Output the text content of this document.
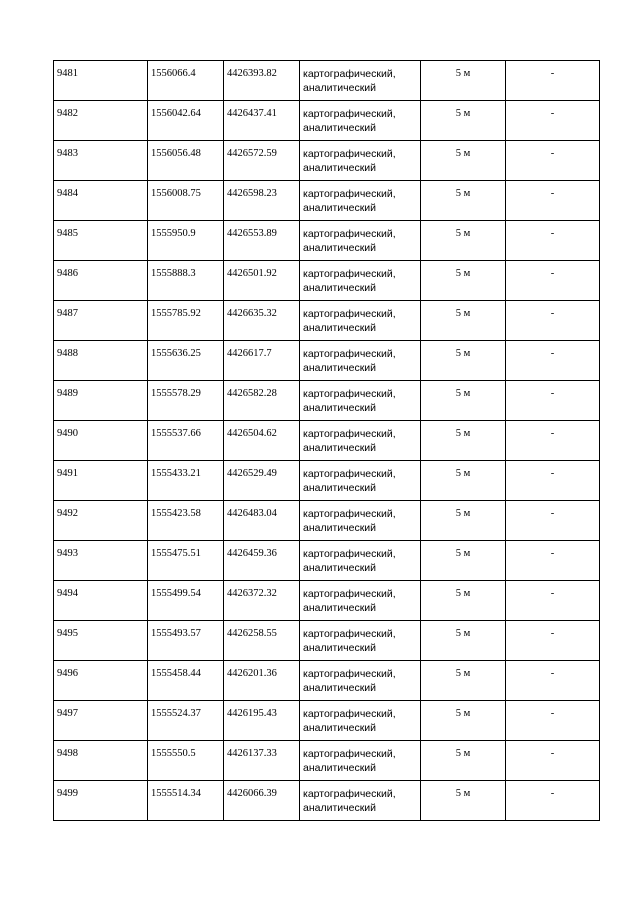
9481	1556066.4	4426393.82	картографический,
аналитический	5 м	-
9482	1556042.64	4426437.41	картографический,
аналитический	5 м	-
9483	1556056.48	4426572.59	картографический,
аналитический	5 м	-
9484	1556008.75	4426598.23	картографический,
аналитический	5 м	-
9485	1555950.9	4426553.89	картографический,
аналитический	5 м	-
9486	1555888.3	4426501.92	картографический,
аналитический	5 м	-
9487	1555785.92	4426635.32	картографический,
аналитический	5 м	-
9488	1555636.25	4426617.7	картографический,
аналитический	5 м	-
9489	1555578.29	4426582.28	картографический,
аналитический	5 м	-
9490	1555537.66	4426504.62	картографический,
аналитический	5 м	-
9491	1555433.21	4426529.49	картографический,
аналитический	5 м	-
9492	1555423.58	4426483.04	картографический,
аналитический	5 м	-
9493	1555475.51	4426459.36	картографический,
аналитический	5 м	-
9494	1555499.54	4426372.32	картографический,
аналитический	5 м	-
9495	1555493.57	4426258.55	картографический,
аналитический	5 м	-
9496	1555458.44	4426201.36	картографический,
аналитический	5 м	-
9497	1555524.37	4426195.43	картографический,
аналитический	5 м	-
9498	1555550.5	4426137.33	картографический,
аналитический	5 м	-
9499	1555514.34	4426066.39	картографический,
аналитический	5 м	-
